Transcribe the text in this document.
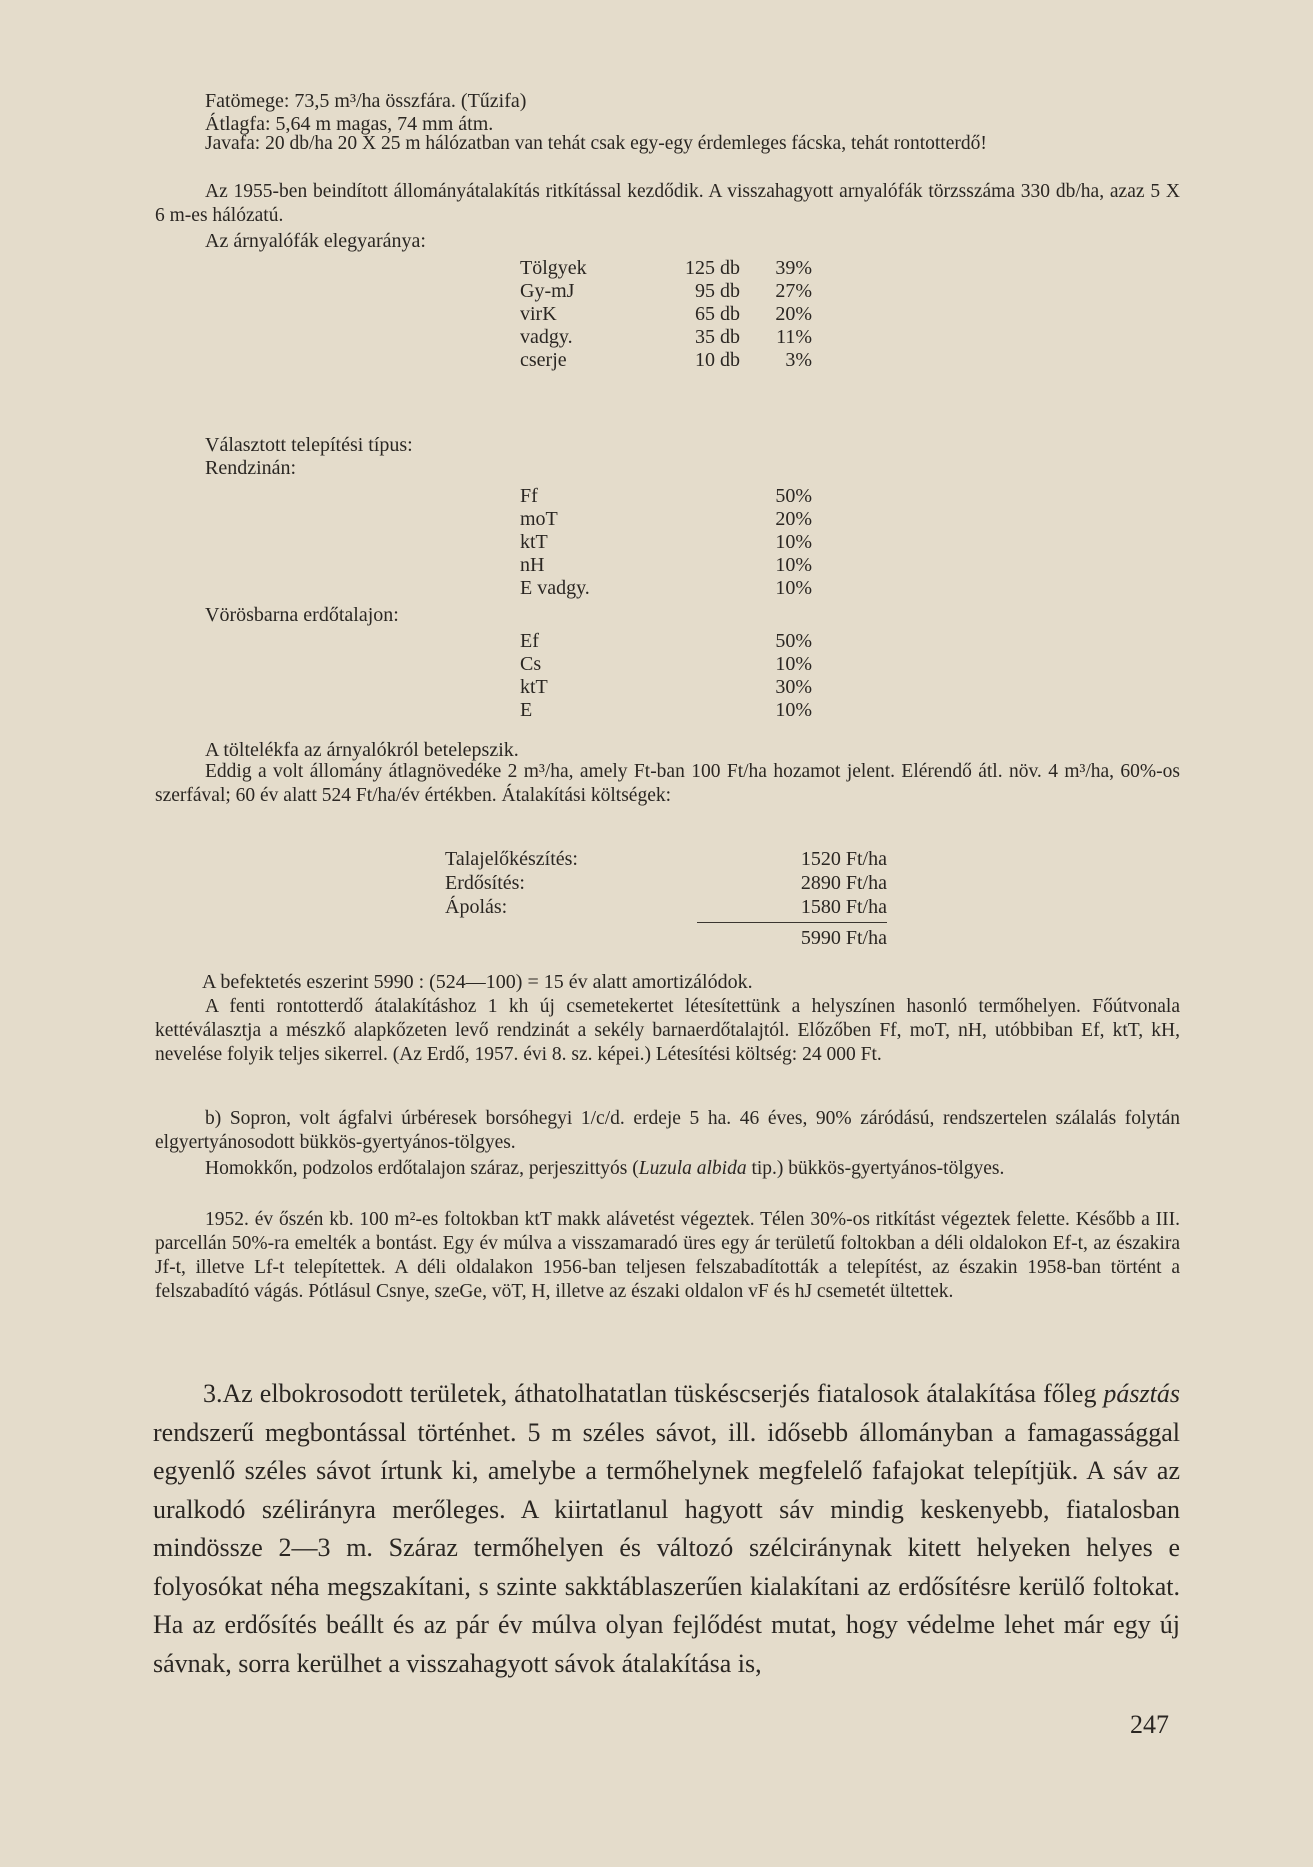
Fatömege: 73,5 m³/ha összfára. (Tűzifa)
Átlagfa: 5,64 m magas, 74 mm átm.

Javafa: 20 db/ha 20 X 25 m hálózatban van tehát csak egy-egy érdemleges fácska, tehát rontotterdő!

Az 1955-ben beindított állományátalakítás ritkítással kezdődik. A visszahagyott arnyalófák törzsszáma 330 db/ha, azaz 5 X 6 m-es hálózatú.

Az árnyalófák elegyaránya:
Tölgyek	125 db	39%
Gy-mJ	95 db	27%
virK	65 db	20%
vadgy.	35 db	11%
cserje	10 db	3%
Választott telepítési típus:
Rendzinán:
Ff	50%
moT	20%
ktT	10%
nH	10%
E vadgy.	10%
Vörösbarna erdőtalajon:
Ef	50%
Cs	10%
ktT	30%
E	10%
A töltelékfa az árnyalókról betelepszik.

Eddig a volt állomány átlagnövedéke 2 m³/ha, amely Ft-ban 100 Ft/ha hozamot jelent. Elérendő átl. növ. 4 m³/ha, 60%-os szerfával; 60 év alatt 524 Ft/ha/év értékben. Átalakítási költségek:

Talajelőkészítés:	1520 Ft/ha
Erdősítés:	2890 Ft/ha
Ápolás:	1580 Ft/ha
5990 Ft/ha
A befektetés eszerint 5990 : (524—100) = 15 év alatt amortizálódok.

A fenti rontotterdő átalakításhoz 1 kh új csemetekertet létesítettünk a helyszínen hasonló termőhelyen. Főútvonala kettéválasztja a mészkő alapkőzeten levő rendzinát a sekély barnaerdőtalajtól. Előzőben Ff, moT, nH, utóbbiban Ef, ktT, kH, nevelése folyik teljes sikerrel. (Az Erdő, 1957. évi 8. sz. képei.) Létesítési költség: 24 000 Ft.

b) Sopron, volt ágfalvi úrbéresek borsóhegyi 1/c/d. erdeje 5 ha. 46 éves, 90% záródású, rendszertelen szálalás folytán elgyertyánosodott bükkös-gyertyános-tölgyes.

Homokkőn, podzolos erdőtalajon száraz, perjeszittyós (Luzula albida tip.) bükkös-gyertyános-tölgyes.

1952. év őszén kb. 100 m²-es foltokban ktT makk alávetést végeztek. Télen 30%-os ritkítást végeztek felette. Később a III. parcellán 50%-ra emelték a bontást. Egy év múlva a visszamaradó üres egy ár területű foltokban a déli oldalokon Ef-t, az északira Jf-t, illetve Lf-t telepítettek. A déli oldalakon 1956-ban teljesen felszabadították a telepítést, az északin 1958-ban történt a felszabadító vágás. Pótlásul Csnye, szeGe, vöT, H, illetve az északi oldalon vF és hJ csemetét ültettek.

3.Az elbokrosodott területek, áthatolhatatlan tüskéscserjés fiatalosok átalakítása főleg pásztás rendszerű megbontással történhet. 5 m széles sávot, ill. idősebb állományban a famagassággal egyenlő széles sávot írtunk ki, amelybe a termőhelynek megfelelő fafajokat telepítjük. A sáv az uralkodó szélirányra merőleges. A kiirtatlanul hagyott sáv mindig keskenyebb, fiatalosban mindössze 2—3 m. Száraz termőhelyen és változó szélciránynak kitett helyeken helyes e folyosókat néha megszakítani, s szinte sakktáblaszerűen kialakítani az erdősítésre kerülő foltokat. Ha az erdősítés beállt és az pár év múlva olyan fejlődést mutat, hogy védelme lehet már egy új sávnak, sorra kerülhet a visszahagyott sávok átalakítása is,

247
